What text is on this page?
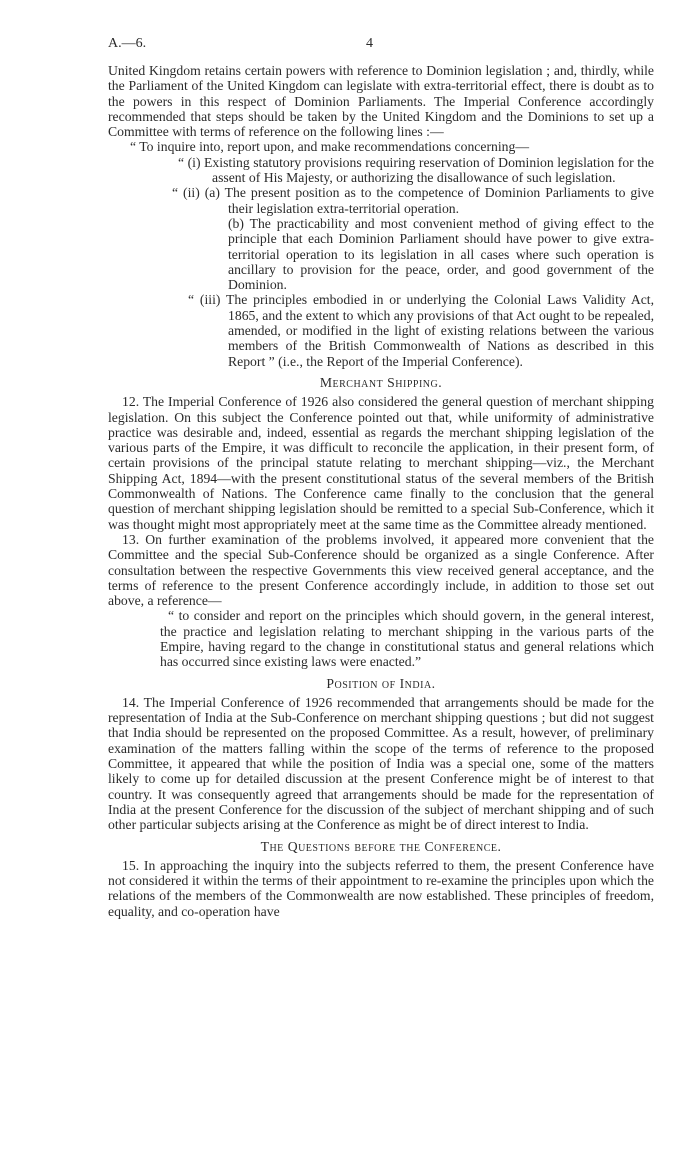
A.—6.	4

United Kingdom retains certain powers with reference to Dominion legislation ; and, thirdly, while the Parliament of the United Kingdom can legislate with extra-territorial effect, there is doubt as to the powers in this respect of Dominion Parliaments. The Imperial Conference accordingly recommended that steps should be taken by the United Kingdom and the Dominions to set up a Committee with terms of reference on the following lines :—

“ To inquire into, report upon, and make recommendations concerning—

“ (i) Existing statutory provisions requiring reservation of Dominion legislation for the assent of His Majesty, or authorizing the disallowance of such legislation.

“ (ii) (a) The present position as to the competence of Dominion Parliaments to give their legislation extra-territorial operation.

(b) The practicability and most convenient method of giving effect to the principle that each Dominion Parliament should have power to give extra-territorial operation to its legislation in all cases where such operation is ancillary to provision for the peace, order, and good government of the Dominion.

“ (iii) The principles embodied in or underlying the Colonial Laws Validity Act, 1865, and the extent to which any provisions of that Act ought to be repealed, amended, or modified in the light of existing relations between the various members of the British Commonwealth of Nations as described in this Report ” (i.e., the Report of the Imperial Conference).

Merchant Shipping.

12. The Imperial Conference of 1926 also considered the general question of merchant shipping legislation. On this subject the Conference pointed out that, while uniformity of administrative practice was desirable and, indeed, essential as regards the merchant shipping legislation of the various parts of the Empire, it was difficult to reconcile the application, in their present form, of certain provisions of the principal statute relating to merchant shipping—viz., the Merchant Shipping Act, 1894—with the present constitutional status of the several members of the British Commonwealth of Nations. The Conference came finally to the conclusion that the general question of merchant shipping legislation should be remitted to a special Sub-Conference, which it was thought might most appropriately meet at the same time as the Committee already mentioned.

13. On further examination of the problems involved, it appeared more convenient that the Committee and the special Sub-Conference should be organized as a single Conference. After consultation between the respective Governments this view received general acceptance, and the terms of reference to the present Conference accordingly include, in addition to those set out above, a reference—

“ to consider and report on the principles which should govern, in the general interest, the practice and legislation relating to merchant shipping in the various parts of the Empire, having regard to the change in constitutional status and general relations which has occurred since existing laws were enacted.”

Position of India.

14. The Imperial Conference of 1926 recommended that arrangements should be made for the representation of India at the Sub-Conference on merchant shipping questions ; but did not suggest that India should be represented on the proposed Committee. As a result, however, of preliminary examination of the matters falling within the scope of the terms of reference to the proposed Committee, it appeared that while the position of India was a special one, some of the matters likely to come up for detailed discussion at the present Conference might be of interest to that country. It was consequently agreed that arrangements should be made for the representation of India at the present Conference for the discussion of the subject of merchant shipping and of such other particular subjects arising at the Conference as might be of direct interest to India.

The Questions before the Conference.

15. In approaching the inquiry into the subjects referred to them, the present Conference have not considered it within the terms of their appointment to re-examine the principles upon which the relations of the members of the Commonwealth are now established. These principles of freedom, equality, and co-operation have
